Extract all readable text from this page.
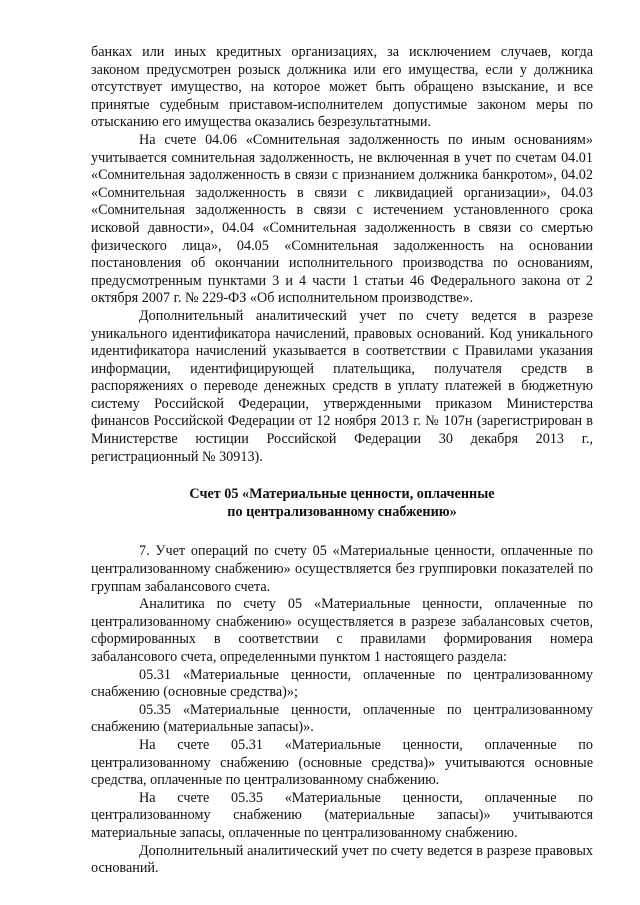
банках или иных кредитных организациях, за исключением случаев, когда законом предусмотрен розыск должника или его имущества, если у должника отсутствует имущество, на которое может быть обращено взыскание, и все принятые судебным приставом-исполнителем допустимые законом меры по отысканию его имущества оказались безрезультатными.

На счете 04.06 «Сомнительная задолженность по иным основаниям» учитывается сомнительная задолженность, не включенная в учет по счетам 04.01 «Сомнительная задолженность в связи с признанием должника банкротом», 04.02 «Сомнительная задолженность в связи с ликвидацией организации», 04.03 «Сомнительная задолженность в связи с истечением установленного срока исковой давности», 04.04 «Сомнительная задолженность в связи со смертью физического лица», 04.05 «Сомнительная задолженность на основании постановления об окончании исполнительного производства по основаниям, предусмотренным пунктами 3 и 4 части 1 статьи 46 Федерального закона от 2 октября 2007 г. № 229-ФЗ «Об исполнительном производстве».

Дополнительный аналитический учет по счету ведется в разрезе уникального идентификатора начислений, правовых оснований. Код уникального идентификатора начислений указывается в соответствии с Правилами указания информации, идентифицирующей плательщика, получателя средств в распоряжениях о переводе денежных средств в уплату платежей в бюджетную систему Российской Федерации, утвержденными приказом Министерства финансов Российской Федерации от 12 ноября 2013 г. № 107н (зарегистрирован в Министерстве юстиции Российской Федерации 30 декабря 2013 г., регистрационный № 30913).

Счет 05 «Материальные ценности, оплаченные
по централизованному снабжению»

7. Учет операций по счету 05 «Материальные ценности, оплаченные по централизованному снабжению» осуществляется без группировки показателей по группам забалансового счета.

Аналитика по счету 05 «Материальные ценности, оплаченные по централизованному снабжению» осуществляется в разрезе забалансовых счетов, сформированных в соответствии с правилами формирования номера забалансового счета, определенными пунктом 1 настоящего раздела:

05.31 «Материальные ценности, оплаченные по централизованному снабжению (основные средства)»;

05.35 «Материальные ценности, оплаченные по централизованному снабжению (материальные запасы)».

На счете 05.31 «Материальные ценности, оплаченные по централизованному снабжению (основные средства)» учитываются основные средства, оплаченные по централизованному снабжению.

На счете 05.35 «Материальные ценности, оплаченные по централизованному снабжению (материальные запасы)» учитываются материальные запасы, оплаченные по централизованному снабжению.

Дополнительный аналитический учет по счету ведется в разрезе правовых оснований.
